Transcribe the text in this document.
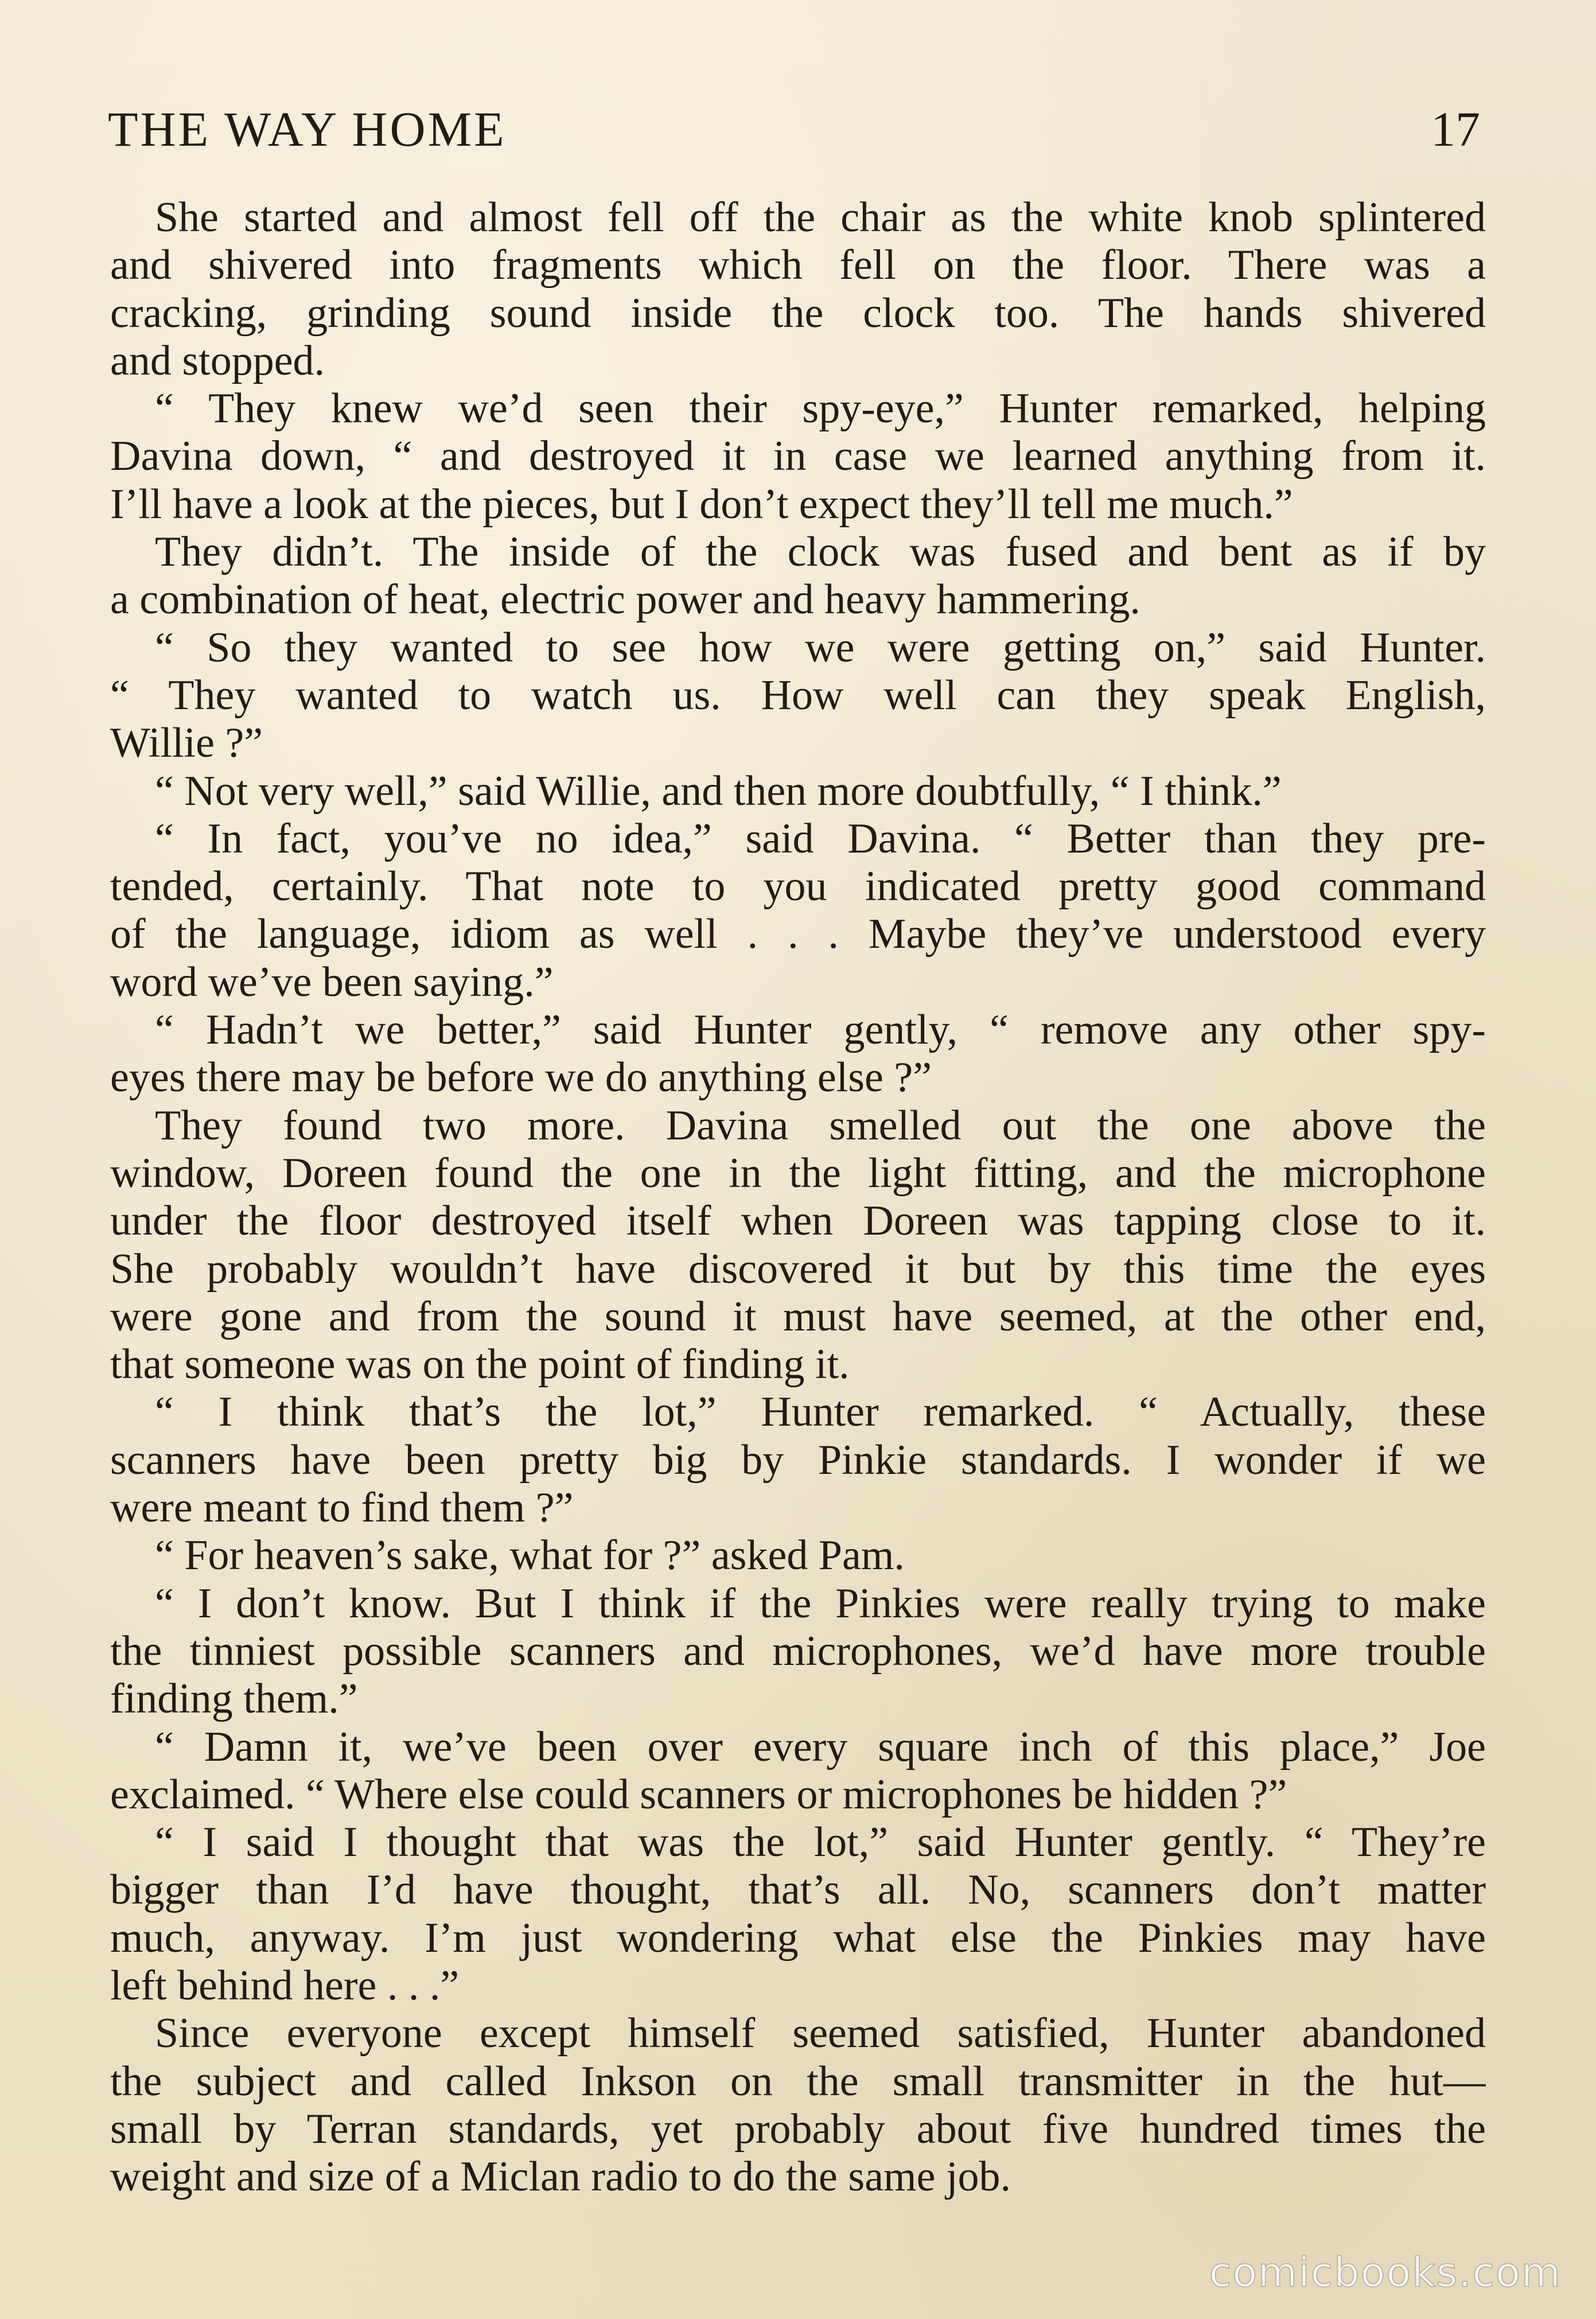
THE WAY HOME	17
She started and almost fell off the chair as the white knob splintered
and shivered into fragments which fell on the floor. There was a
cracking, grinding sound inside the clock too. The hands shivered
and stopped.
“ They knew we’d seen their spy-eye,” Hunter remarked, helping
Davina down, “ and destroyed it in case we learned anything from it.
I’ll have a look at the pieces, but I don’t expect they’ll tell me much.”
They didn’t. The inside of the clock was fused and bent as if by
a combination of heat, electric power and heavy hammering.
“ So they wanted to see how we were getting on,” said Hunter.
“ They wanted to watch us. How well can they speak English,
Willie ?”
“ Not very well,” said Willie, and then more doubtfully, “ I think.”
“ In fact, you’ve no idea,” said Davina. “ Better than they pre-
tended, certainly. That note to you indicated pretty good command
of the language, idiom as well . . . Maybe they’ve understood every
word we’ve been saying.”
“ Hadn’t we better,” said Hunter gently, “ remove any other spy-
eyes there may be before we do anything else ?”
They found two more. Davina smelled out the one above the
window, Doreen found the one in the light fitting, and the microphone
under the floor destroyed itself when Doreen was tapping close to it.
She probably wouldn’t have discovered it but by this time the eyes
were gone and from the sound it must have seemed, at the other end,
that someone was on the point of finding it.
“ I think that’s the lot,” Hunter remarked. “ Actually, these
scanners have been pretty big by Pinkie standards. I wonder if we
were meant to find them ?”
“ For heaven’s sake, what for ?” asked Pam.
“ I don’t know. But I think if the Pinkies were really trying to make
the tinniest possible scanners and microphones, we’d have more trouble
finding them.”
“ Damn it, we’ve been over every square inch of this place,” Joe
exclaimed. “ Where else could scanners or microphones be hidden ?”
“ I said I thought that was the lot,” said Hunter gently. “ They’re
bigger than I’d have thought, that’s all. No, scanners don’t matter
much, anyway. I’m just wondering what else the Pinkies may have
left behind here . . .”
Since everyone except himself seemed satisfied, Hunter abandoned
the subject and called Inkson on the small transmitter in the hut—
small by Terran standards, yet probably about five hundred times the
weight and size of a Miclan radio to do the same job.
comicbooks.com
